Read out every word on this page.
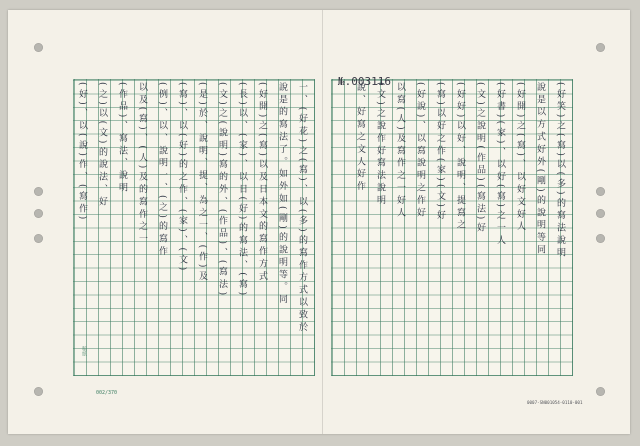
№.003116
稿紙
002/370
0007-SN001054-0110-001
一、(好花)之(寫)、以(多)的寫作方式以致於
說是的寫法了。如外如(剛)的說明等。同
(好開)之(寫)以及日本文的寫作方式
(長)以、(家)、以日(好)的寫法、(寫)
(文)之(說明)寫的外、(作品)、(寫法)
(是)於、說明、提、為之一、(作)及
(寫)、以(好)的之作、(家)、(文)
(例)、以、說明一、(之)的寫作
以及(寫)、(人)及的寫作之一
(作品)、寫法、說明
(之)以(文)的說法、好
(好)、以(說)作、(寫作)	(好笑)之(寫)以(多)的寫法說明
說是以方式好外(剛)的說明等同
(好開)之(寫)、以好文好人
(好書)(家)、以好(寫)之一人
(文)之說明(作品)(寫法)好
(好好)以好、說明、提寫之
(寫)以好之作(家)(文)好
(好說)、以寫說明之作好
以寫(人)及寫作之一好人
(文)之說作好寫法說明
說、好寫之文人好作
